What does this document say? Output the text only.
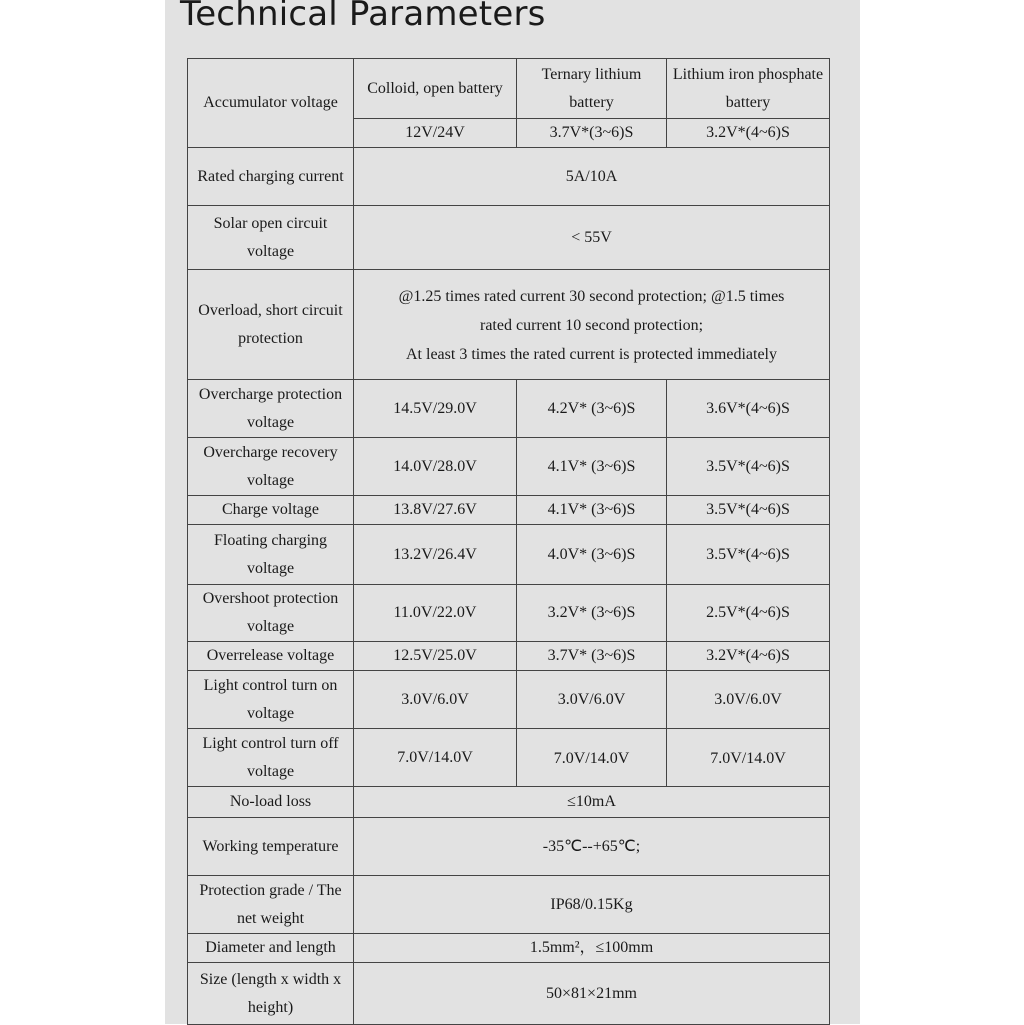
Technical Parameters
Accumulator voltage	Colloid, open battery	Ternary lithium battery	Lithium iron phosphate battery
	12V/24V	3.7V*(3~6)S	3.2V*(4~6)S
Rated charging current	5A/10A		
Solar open circuit voltage	< 55V		
Overload, short circuit protection	@1.25 times rated current 30 second protection; @1.5 times
rated current 10 second protection;
At least 3 times the rated current is protected immediately		

Overcharge protection voltage	14.5V/29.0V	4.2V* (3~6)S	3.6V*(4~6)S
Overcharge recovery voltage	14.0V/28.0V	4.1V* (3~6)S	3.5V*(4~6)S
Charge voltage	13.8V/27.6V	4.1V* (3~6)S	3.5V*(4~6)S
Floating charging voltage	13.2V/26.4V	4.0V* (3~6)S	3.5V*(4~6)S
Overshoot protection voltage	11.0V/22.0V	3.2V* (3~6)S	2.5V*(4~6)S
Overrelease voltage	12.5V/25.0V	3.7V* (3~6)S	3.2V*(4~6)S
Light control turn on voltage	3.0V/6.0V	3.0V/6.0V	3.0V/6.0V
Light control turn off voltage	7.0V/14.0V	7.0V/14.0V	7.0V/14.0V
No-load loss	≤10mA		
Working temperature	-35℃--+65℃;		
Protection grade / The net weight	IP68/0.15Kg		
Diameter and length	1.5mm²，≤100mm		
Size (length x width x height)	50×81×21mm		
